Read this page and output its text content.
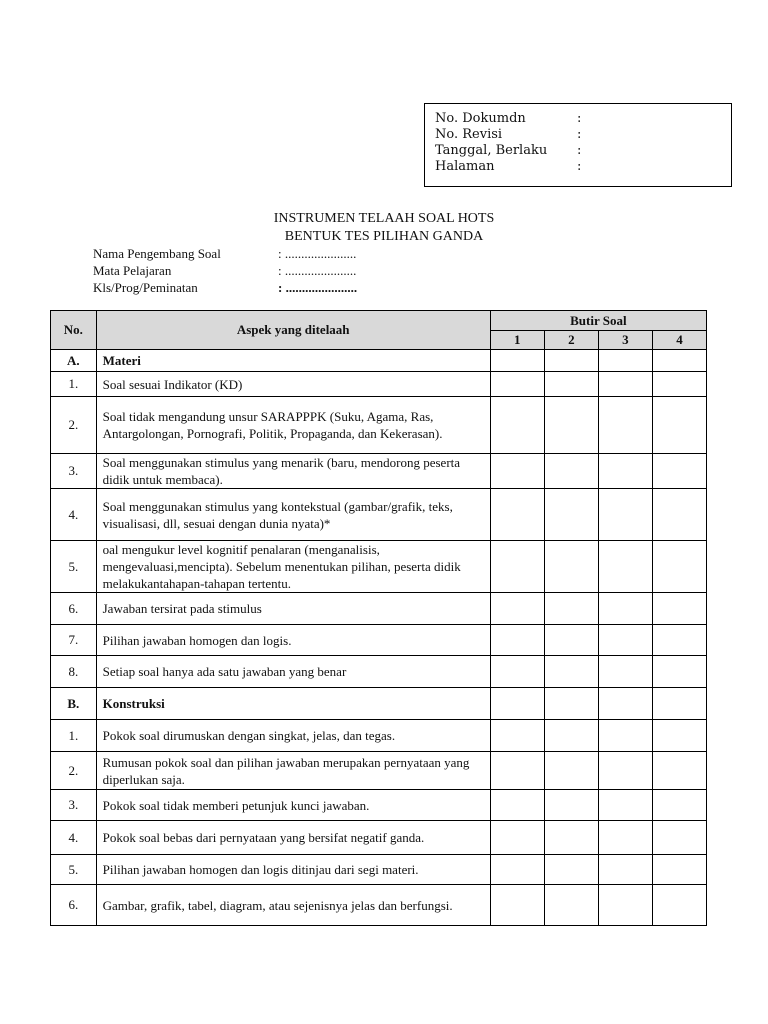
No. Dokumdn	:
No. Revisi	:
Tanggal, Berlaku :
Halaman	:
INSTRUMEN TELAAH SOAL HOTS
BENTUK TES PILIHAN GANDA
Nama Pengembang Soal	: ......................
Mata Pelajaran	: ......................
Kls/Prog/Peminatan	: ......................
No.	Aspek yang ditelaah	Butir Soal			
		1	2	3	4
A.	Materi				
1.	Soal sesuai Indikator (KD)				
2.	Soal tidak mengandung unsur SARAPPPK (Suku, Agama, Ras, Antargolongan, Pornografi, Politik, Propaganda, dan Kekerasan).				
3.	Soal menggunakan stimulus yang menarik (baru, mendorong peserta didik untuk membaca).				
4.	Soal menggunakan stimulus yang kontekstual (gambar/grafik, teks, visualisasi, dll, sesuai dengan dunia nyata)*				
5.	oal mengukur level kognitif penalaran (menganalisis, mengevaluasi,mencipta). Sebelum menentukan pilihan, peserta didik melakukantahapan-tahapan tertentu.				
6.	Jawaban tersirat pada stimulus				
7.	Pilihan jawaban homogen dan logis.				
8.	Setiap soal hanya ada satu jawaban yang benar				
B.	Konstruksi				
1.	Pokok soal dirumuskan dengan singkat, jelas, dan tegas.				
2.	Rumusan pokok soal dan pilihan jawaban merupakan pernyataan yang diperlukan saja.				
3.	Pokok soal tidak memberi petunjuk kunci jawaban.				
4.	Pokok soal bebas dari pernyataan yang bersifat negatif ganda.				
5.	Pilihan jawaban homogen dan logis ditinjau dari segi materi.				
6.	Gambar, grafik, tabel, diagram, atau sejenisnya jelas dan berfungsi.				
